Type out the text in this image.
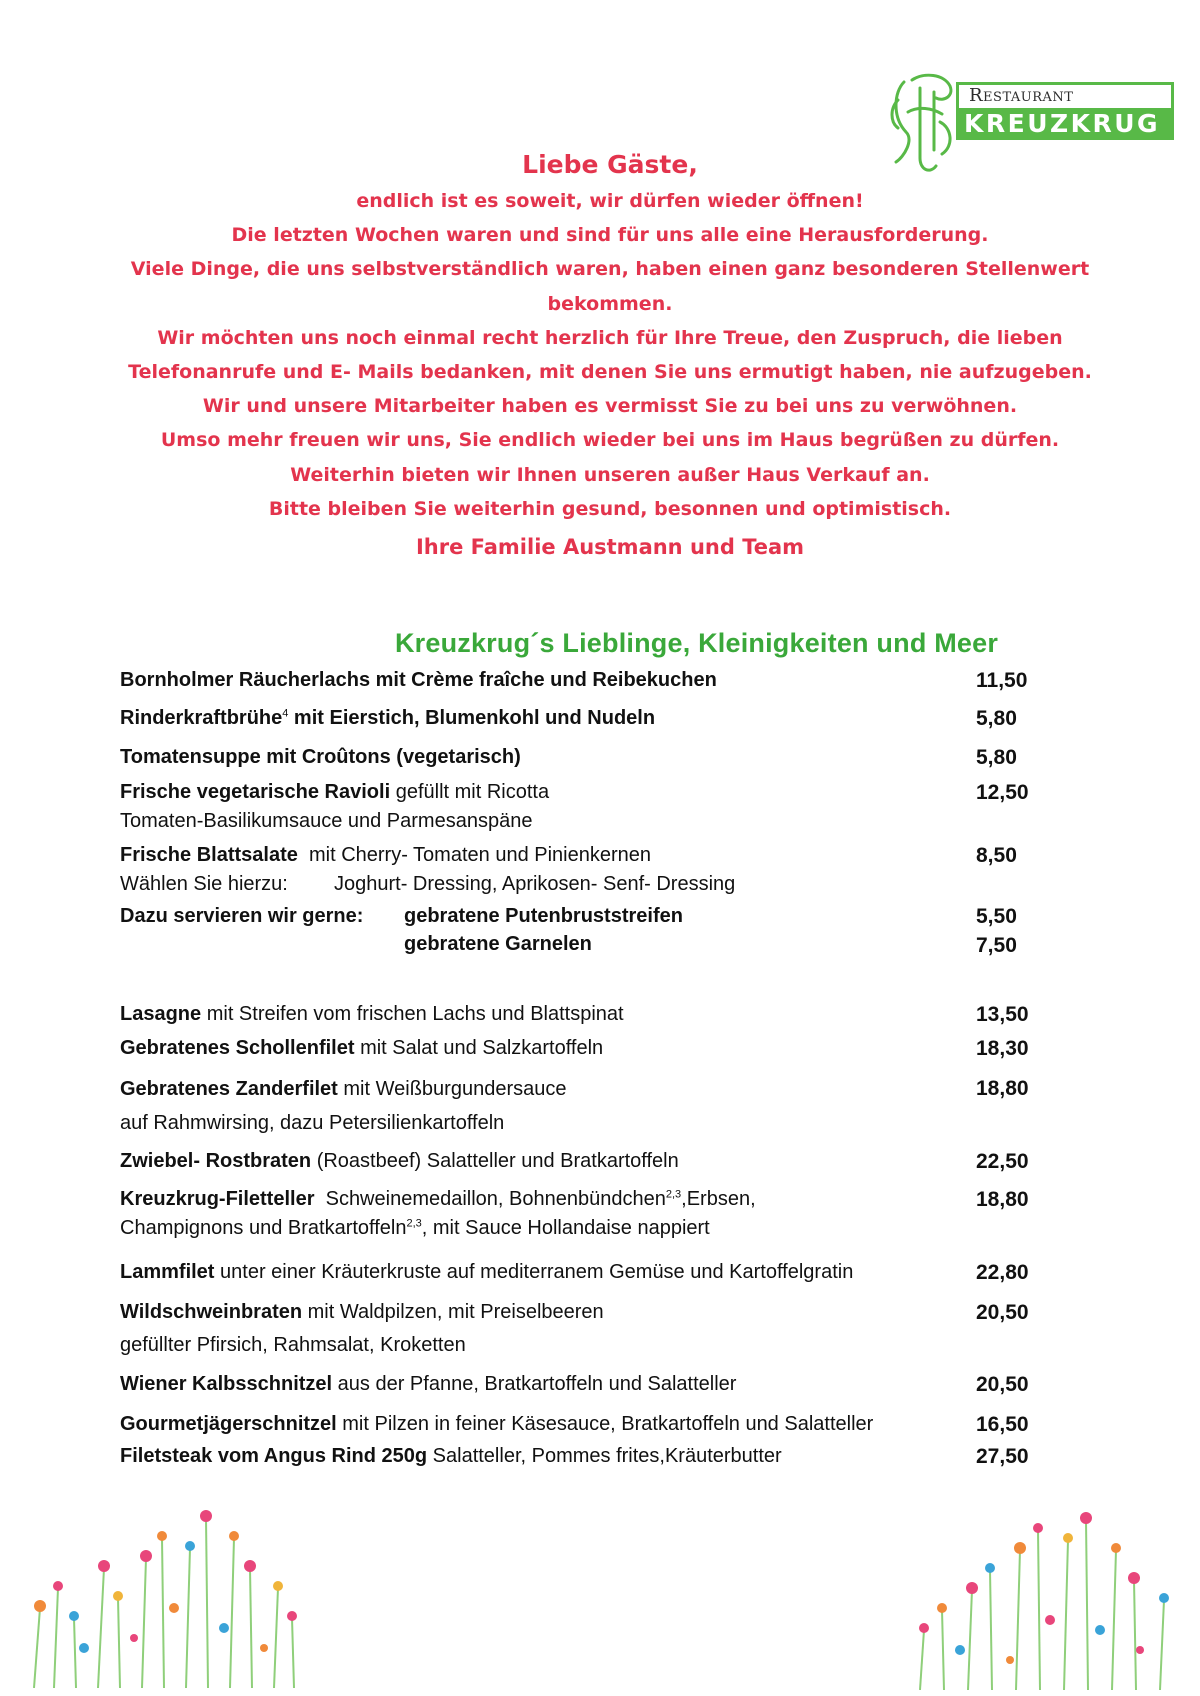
Restaurant
KREUZKRUG
Liebe Gäste,
endlich ist es soweit, wir dürfen wieder öffnen!
Die letzten Wochen waren und sind für uns alle eine Herausforderung.
Viele Dinge, die uns selbstverständlich waren, haben einen ganz besonderen Stellenwert
bekommen.
Wir möchten uns noch einmal recht herzlich für Ihre Treue, den Zuspruch, die lieben
Telefonanrufe und E- Mails bedanken, mit denen Sie uns ermutigt haben, nie aufzugeben.
Wir und unsere Mitarbeiter haben es vermisst Sie zu bei uns zu verwöhnen.
Umso mehr freuen wir uns, Sie endlich wieder bei uns im Haus begrüßen zu dürfen.
Weiterhin bieten wir Ihnen unseren außer Haus Verkauf an.
Bitte bleiben Sie weiterhin gesund, besonnen und optimistisch.
Ihre Familie Austmann und Team
Kreuzkrug´s Lieblinge, Kleinigkeiten und Meer
Bornholmer Räucherlachs mit Crème fraîche und Reibekuchen	11,50
Rinderkraftbrühe$^4$ mit Eierstich, Blumenkohl und Nudeln	5,80
Tomatensuppe mit Croûtons (vegetarisch)	5,80
Frische vegetarische Ravioli gefüllt mit Ricotta
Tomaten-Basilikumsauce und Parmesanspäne
12,50
Frische Blattsalate  mit Cherry- Tomaten und Pinienkernen
Wählen Sie hierzu: Joghurt- Dressing, Aprikosen- Senf- Dressing
8,50
Dazu servieren wir gerne:	gebratene Putenbruststreifen	5,50
gebratene Garnelen	7,50
Lasagne mit Streifen vom frischen Lachs und Blattspinat	13,50
Gebratenes Schollenfilet mit Salat und Salzkartoffeln	18,30
Gebratenes Zanderfilet mit Weißburgundersauce
auf Rahmwirsing, dazu Petersilienkartoffeln
18,80
Zwiebel- Rostbraten (Roastbeef) Salatteller und Bratkartoffeln	22,50
Kreuzkrug-Filetteller  Schweinemedaillon, Bohnenbündchen$^{2,3}$,Erbsen,
Champignons und Bratkartoffeln$^{2,3}$, mit Sauce Hollandaise nappiert
18,80
Lammfilet unter einer Kräuterkruste auf mediterranem Gemüse und Kartoffelgratin	22,80
Wildschweinbraten mit Waldpilzen, mit Preiselbeeren
gefüllter Pfirsich, Rahmsalat, Kroketten
20,50
Wiener Kalbsschnitzel aus der Pfanne, Bratkartoffeln und Salatteller	20,50
Gourmetjägerschnitzel mit Pilzen in feiner Käsesauce, Bratkartoffeln und Salatteller	16,50
Filetsteak vom Angus Rind 250g Salatteller, Pommes frites,Kräuterbutter	27,50
